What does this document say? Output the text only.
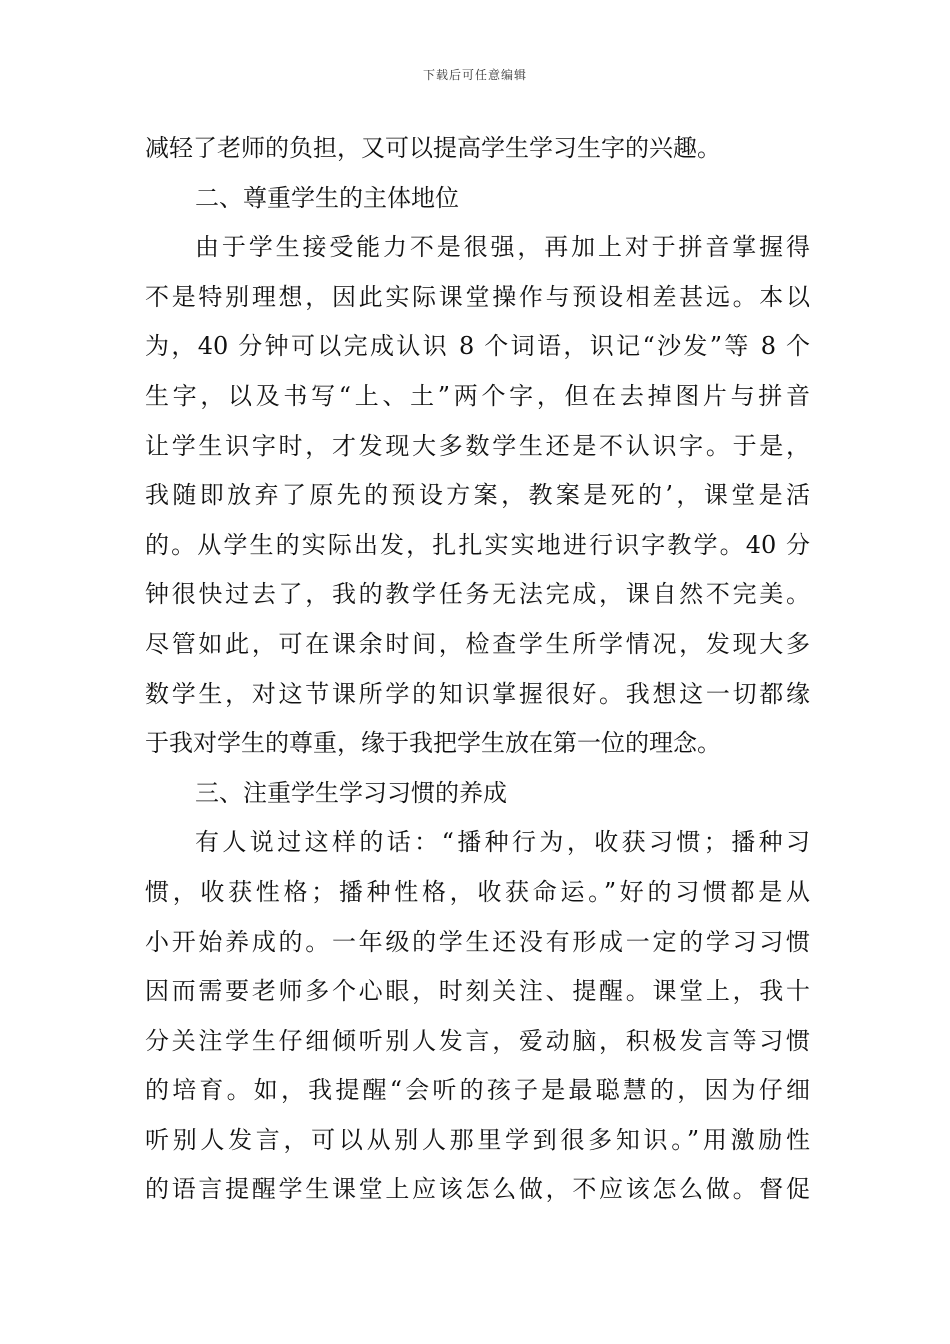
下载后可任意编辑
减轻了老师的负担，又可以提高学生学习生字的兴趣。
二、尊重学生的主体地位
由于学生接受能力不是很强，再加上对于拼音掌握得
不是特别理想，因此实际课堂操作与预设相差甚远。本以
为，40 分钟可以完成认识 8 个词语，识记“沙发”等 8 个
生字，以及书写“上、土”两个字，但在去掉图片与拼音
让学生识字时，才发现大多数学生还是不认识字。于是，
我随即放弃了原先的预设方案，教案是死的’，课堂是活
的。从学生的实际出发，扎扎实实地进行识字教学。40 分
钟很快过去了，我的教学任务无法完成，课自然不完美。
尽管如此，可在课余时间，检查学生所学情况，发现大多
数学生，对这节课所学的知识掌握很好。我想这一切都缘
于我对学生的尊重，缘于我把学生放在第一位的理念。
三、注重学生学习习惯的养成
有人说过这样的话：“播种行为，收获习惯；播种习
惯，收获性格；播种性格，收获命运。”好的习惯都是从
小开始养成的。一年级的学生还没有形成一定的学习习惯
因而需要老师多个心眼，时刻关注、提醒。课堂上，我十
分关注学生仔细倾听别人发言，爱动脑，积极发言等习惯
的培育。如，我提醒“会听的孩子是最聪慧的，因为仔细
听别人发言，可以从别人那里学到很多知识。”用激励性
的语言提醒学生课堂上应该怎么做，不应该怎么做。督促
